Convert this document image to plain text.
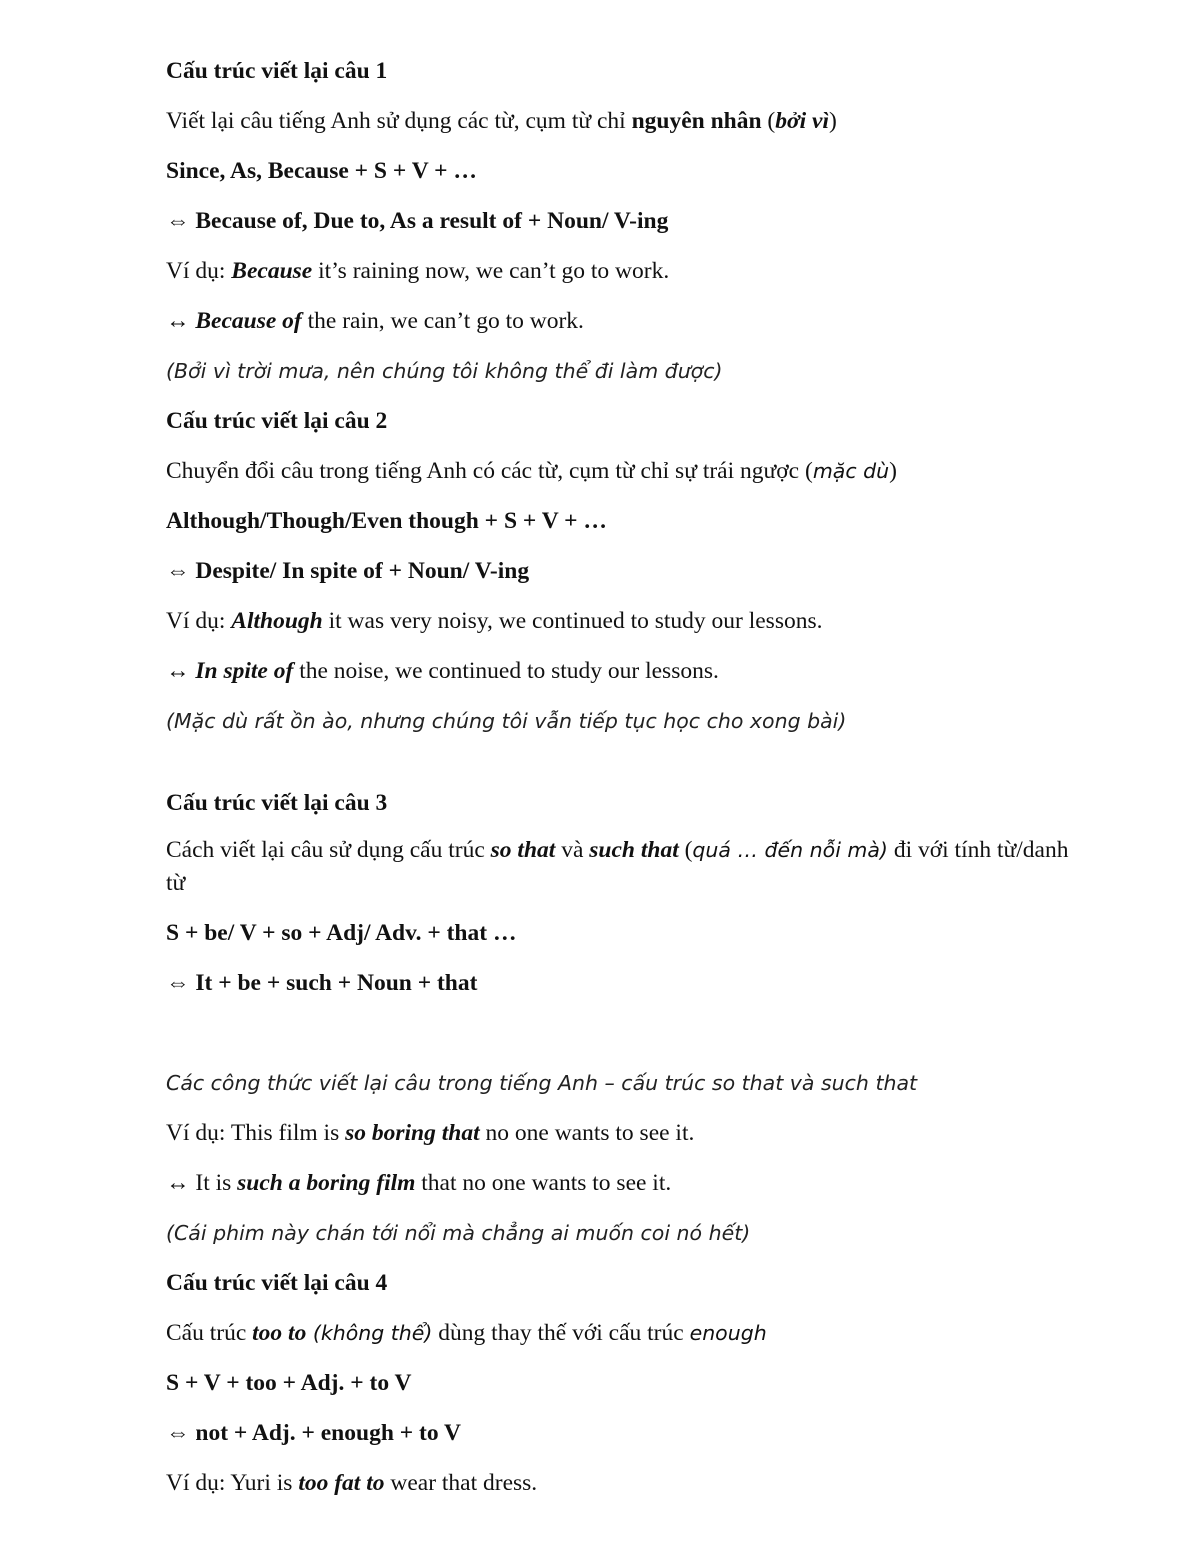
Cấu trúc viết lại câu 1

Viết lại câu tiếng Anh sử dụng các từ, cụm từ chỉ nguyên nhân (bởi vì)

Since, As, Because + S + V + …

⇔ Because of, Due to, As a result of + Noun/ V-ing

Ví dụ: Because it’s raining now, we can’t go to work.

↔ Because of the rain, we can’t go to work.

(Bởi vì trời mưa, nên chúng tôi không thể đi làm được)

Cấu trúc viết lại câu 2

Chuyển đổi câu trong tiếng Anh có các từ, cụm từ chỉ sự trái ngược (mặc dù)

Although/Though/Even though + S + V + …

⇔ Despite/ In spite of + Noun/ V-ing

Ví dụ: Although it was very noisy, we continued to study our lessons.

↔ In spite of the noise, we continued to study our lessons.

(Mặc dù rất ồn ào, nhưng chúng tôi vẫn tiếp tục học cho xong bài)

Cấu trúc viết lại câu 3

Cách viết lại câu sử dụng cấu trúc so that và such that (quá … đến nỗi mà) đi với tính từ/danh từ

S + be/ V + so + Adj/ Adv. + that …

⇔ It + be + such + Noun + that

Các công thức viết lại câu trong tiếng Anh – cấu trúc so that và such that

Ví dụ: This film is so boring that no one wants to see it.

↔ It is such a boring film that no one wants to see it.

(Cái phim này chán tới nổi mà chẳng ai muốn coi nó hết)

Cấu trúc viết lại câu 4

Cấu trúc too to (không thể) dùng thay thế với cấu trúc enough

S + V + too + Adj. + to V

⇔ not + Adj. + enough + to V

Ví dụ: Yuri is too fat to wear that dress.
